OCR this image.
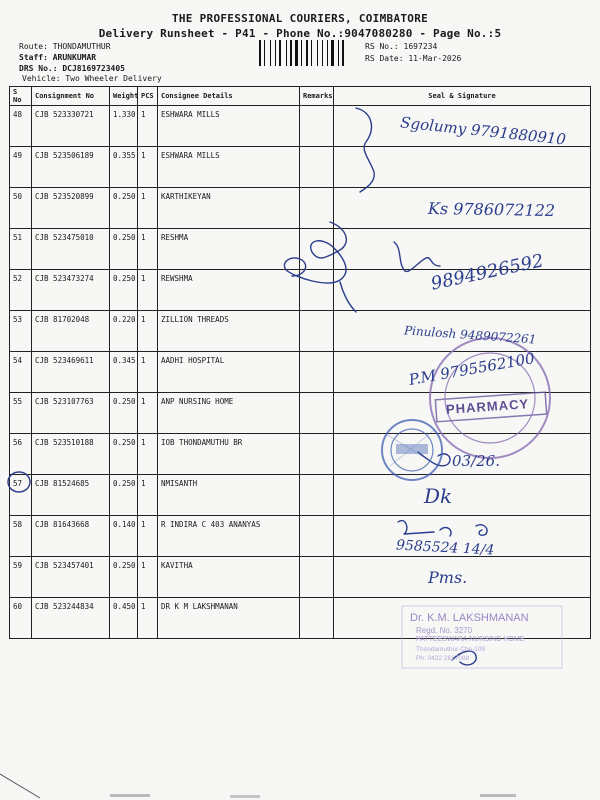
THE PROFESSIONAL COURIERS, COIMBATORE
Delivery Runsheet - P41 - Phone No.:9047080280 - Page No.:5
Route: THONDAMUTHUR
Staff: ARUNKUMAR
DRS No.: DCJ8169723405
Vehicle: Two Wheeler Delivery
RS No.: 1697234
RS Date: 11-Mar-2026
S No	Consignment No	Weight	PCS	Consignee Details	Remarks	Seal & Signature
48	CJB 523330721	1.330	1	ESHWARA MILLS		
49	CJB 523506189	0.355	1	ESHWARA MILLS		
50	CJB 523520899	0.250	1	KARTHIKEYAN		
51	CJB 523475010	0.250	1	RESHMA		
52	CJB 523473274	0.250	1	REWSHMA		
53	CJB 81702048	0.220	1	ZILLION THREADS		
54	CJB 523469611	0.345	1	AADHI HOSPITAL		
55	CJB 523107763	0.250	1	ANP NURSING HOME		
56	CJB 523510188	0.250	1	IOB THONDAMUTHU BR		
57	CJB 81524685	0.250	1	NMISANTH		
58	CJB 81643668	0.140	1	R INDIRA C 403 ANANYAS		
59	CJB 523457401	0.250	1	KAVITHA		
60	CJB 523244834	0.450	1	DR K M LAKSHMANAN		
Sgolumy 9791880910
Ks 9786072122
9894926592
Pinulosh 9489072261
P.M 9795562100
03/26.
Dk
9585524 14/4
Pms.
PHARMACY
Dr. K.M. LAKSHMANAN
Regd. No. 3270
PATTEESWARA NURSING HOME
Thondamuthur Cbe-109
Ph: 0422 2617088
